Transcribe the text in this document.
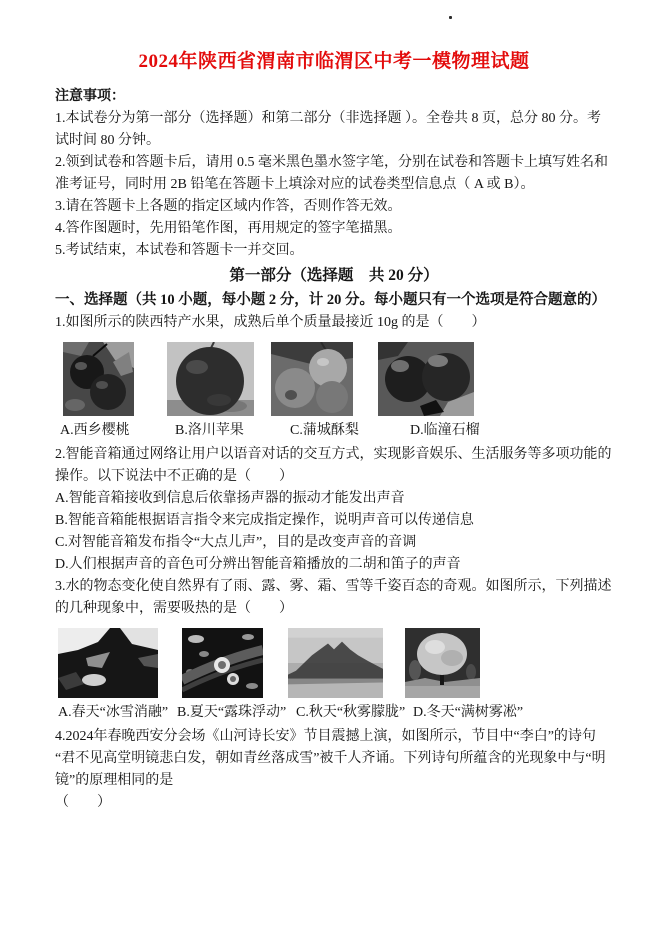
2024年陕西省渭南市临渭区中考一模物理试题

注意事项：

1.本试卷分为第一部分（选择题）和第二部分（非选择题 ）。全卷共 8 页，总分 80 分。考试时间 80 分钟。

2.领到试卷和答题卡后，请用 0.5 毫米黑色墨水签字笔，分别在试卷和答题卡上填写姓名和准考证号，同时用 2B 铅笔在答题卡上填涂对应的试卷类型信息点（ A 或 B）。

3.请在答题卡上各题的指定区域内作答，否则作答无效。

4.答作图题时，先用铅笔作图，再用规定的签字笔描黑。

5.考试结束，本试卷和答题卡一并交回。

第一部分（选择题　共 20 分）
一、选择题（共 10 小题，每小题 2 分，计 20 分。每小题只有一个选项是符合题意的）

1.如图所示的陕西特产水果，成熟后单个质量最接近 10g 的是（　　）

A.西乡樱桃	B.洛川苹果	C.蒲城酥梨	D.临潼石榴

2.智能音箱通过网络让用户以语音对话的交互方式，实现影音娱乐、生活服务等多项功能的操作。以下说法中不正确的是（　　）

A.智能音箱接收到信息后依靠扬声器的振动才能发出声音

B.智能音箱能根据语言指令来完成指定操作，说明声音可以传递信息

C.对智能音箱发布指令“大点儿声”，目的是改变声音的音调

D.人们根据声音的音色可分辨出智能音箱播放的二胡和笛子的声音

3.水的物态变化使自然界有了雨、露、雾、霜、雪等千姿百态的奇观。如图所示，下列描述的几种现象中，需要吸热的是（　　）

A.春天“冰雪消融” B.夏天“露珠浮动” C.秋天“秋雾朦胧” D.冬天“满树雾凇”

4.2024年春晚西安分会场《山河诗长安》节目震撼上演，如图所示，节目中“李白”的诗句“君不见高堂明镜悲白发，朝如青丝落成雪”被千人齐诵。下列诗句所蕴含的光现象中与“明镜”的原理相同的是

（　　）
